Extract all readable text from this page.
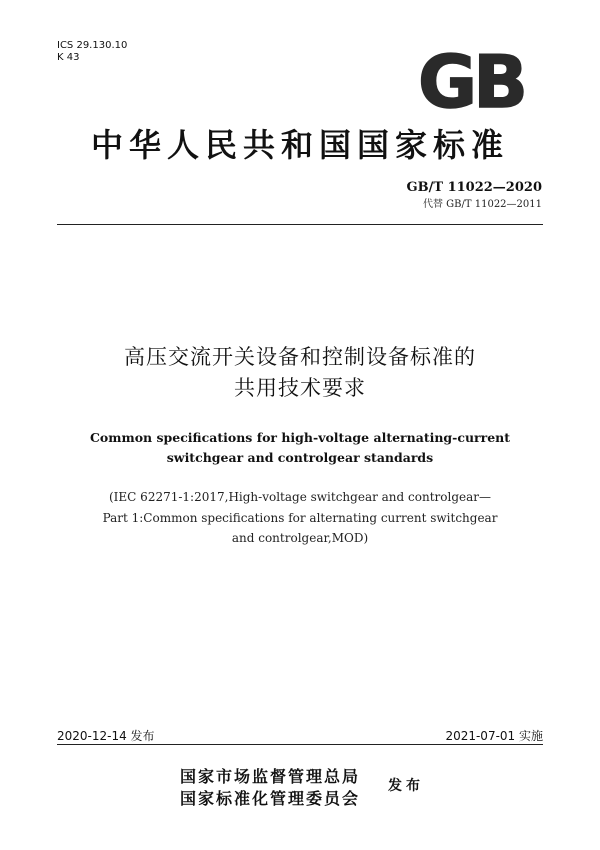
ICS 29.130.10
K 43	GB
中华人民共和国国家标准
GB/T 11022—2020
代替 GB/T 11022—2011
高压交流开关设备和控制设备标准的
共用技术要求
Common specifications for high-voltage alternating-current
switchgear and controlgear standards
(IEC 62271-1:2017,High-voltage switchgear and controlgear—
Part 1:Common specifications for alternating current switchgear
and controlgear,MOD)
2020-12-14 发布	2021-07-01 实施
国家市场监督管理总局
国家标准化管理委员会
发布
